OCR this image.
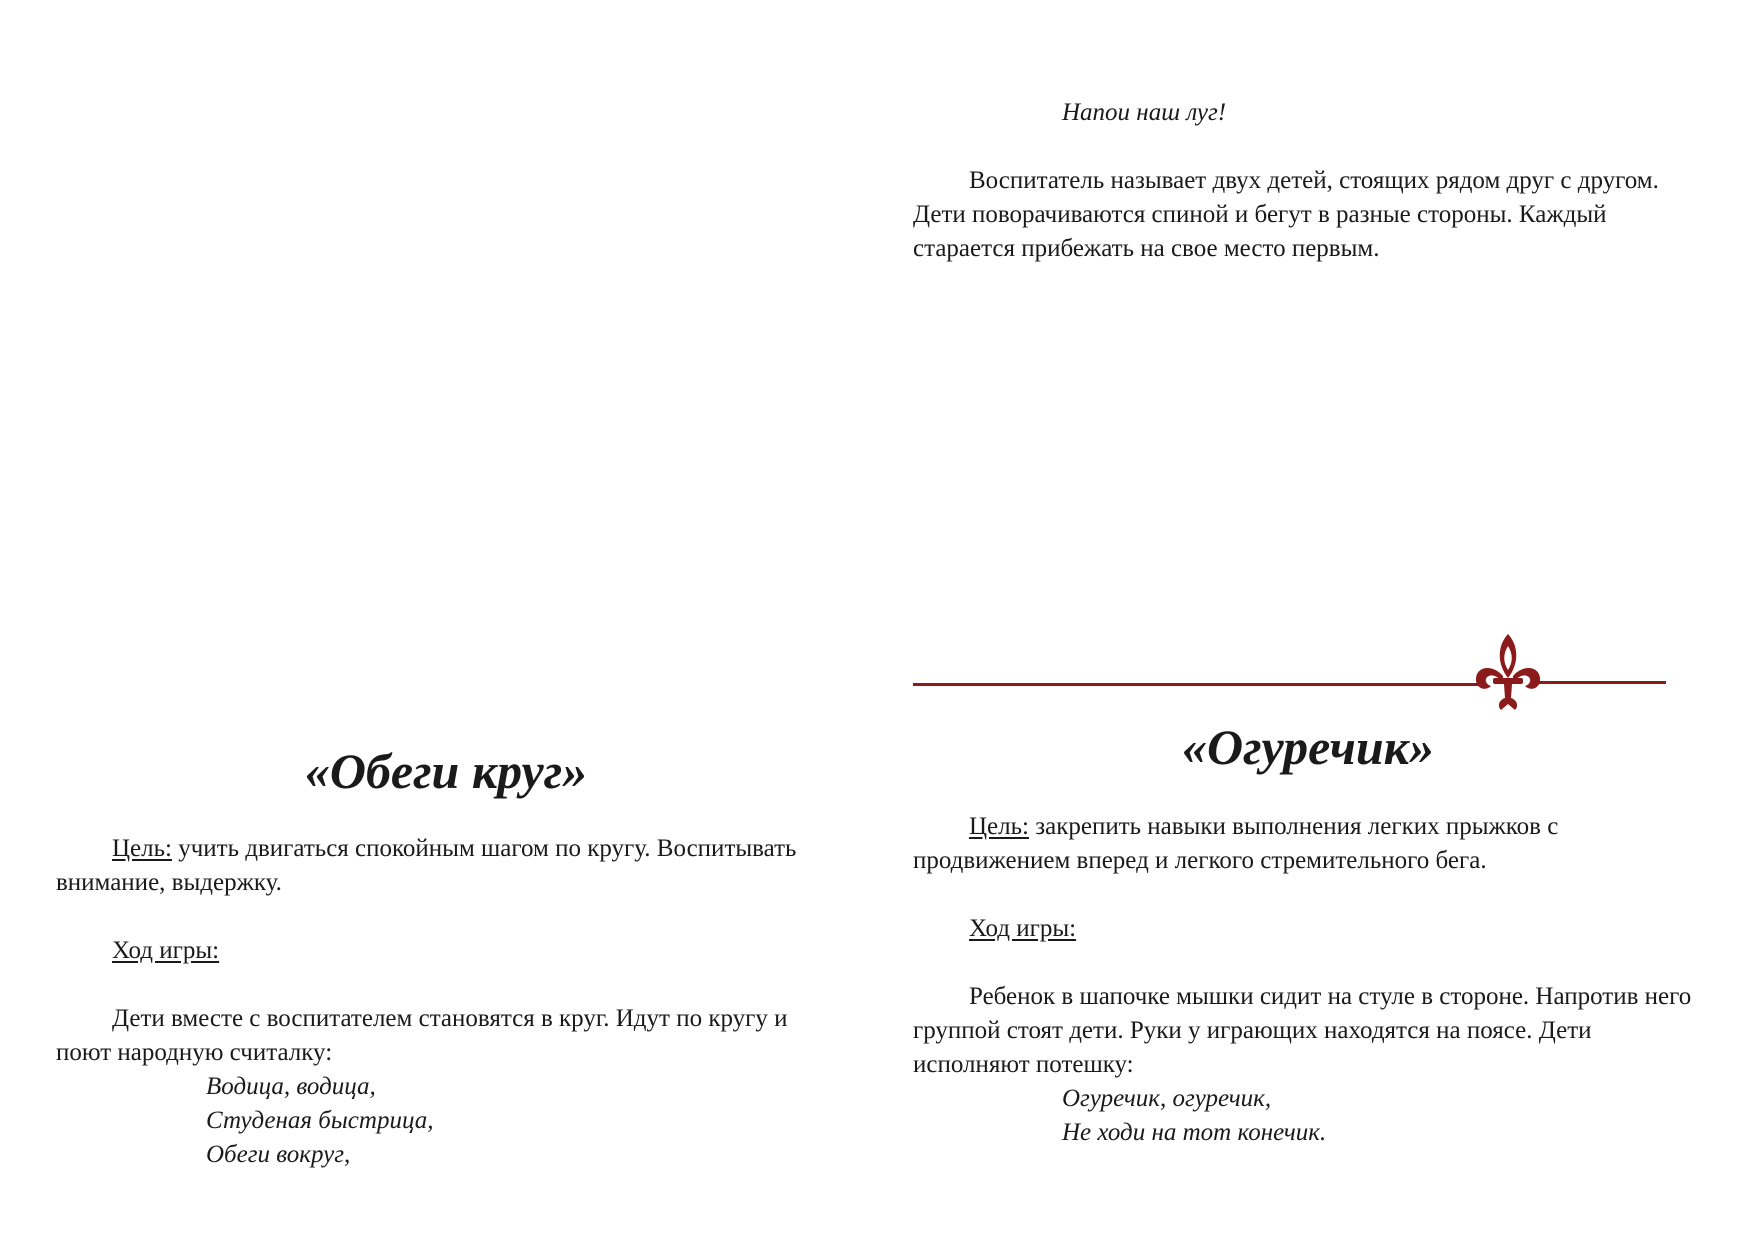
«Обеги круг»

Цель: учить двигаться спокойным шагом по кругу. Воспитывать внимание, выдержку.

Ход игры:

Дети вместе с воспитателем становятся в круг. Идут по кругу и поют народную считалку:

Водица, водица,
Студеная быстрица,
Обеги вокруг,
Напои наш луг!

Воспитатель называет двух детей, стоящих рядом друг с другом. Дети поворачиваются спиной и бегут в разные стороны. Каждый старается прибежать на свое место первым.

«Огуречик»

Цель: закрепить навыки выполнения легких прыжков с продвижением вперед и легкого стремительного бега.

Ход игры:

Ребенок в шапочке мышки сидит на стуле в стороне. Напротив него группой стоят дети. Руки у играющих находятся на поясе. Дети исполняют потешку:

Огуречик, огуречик,
Не ходи на тот конечик.
